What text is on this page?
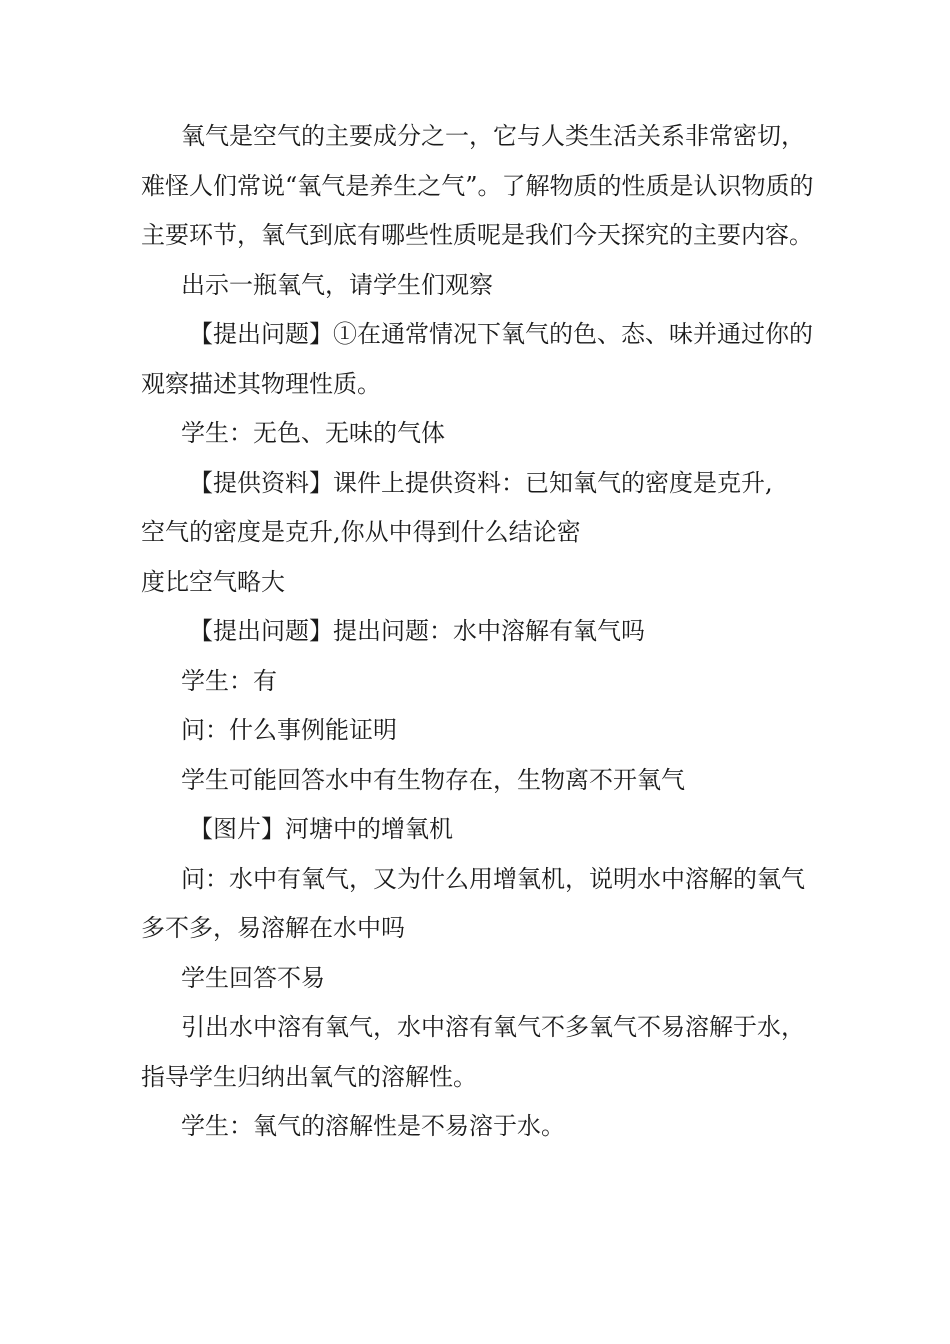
氧气是空气的主要成分之一，它与人类生活关系非常密切，难怪人们常说“氧气是养生之气”。了解物质的性质是认识物质的主要环节，氧气到底有哪些性质呢是我们今天探究的主要内容。

出示一瓶氧气，请学生们观察

【提出问题】①在通常情况下氧气的色、态、味并通过你的观察描述其物理性质。

学生：无色、无味的气体

【提供资料】课件上提供资料：已知氧气的密度是克升,

空气的密度是克升,你从中得到什么结论密

度比空气略大

【提出问题】提出问题：水中溶解有氧气吗

学生：有

问：什么事例能证明

学生可能回答水中有生物存在，生物离不开氧气

【图片】河塘中的增氧机

问：水中有氧气，又为什么用增氧机，说明水中溶解的氧气多不多，易溶解在水中吗

学生回答不易

引出水中溶有氧气，水中溶有氧气不多氧气不易溶解于水，指导学生归纳出氧气的溶解性。

学生：氧气的溶解性是不易溶于水。
